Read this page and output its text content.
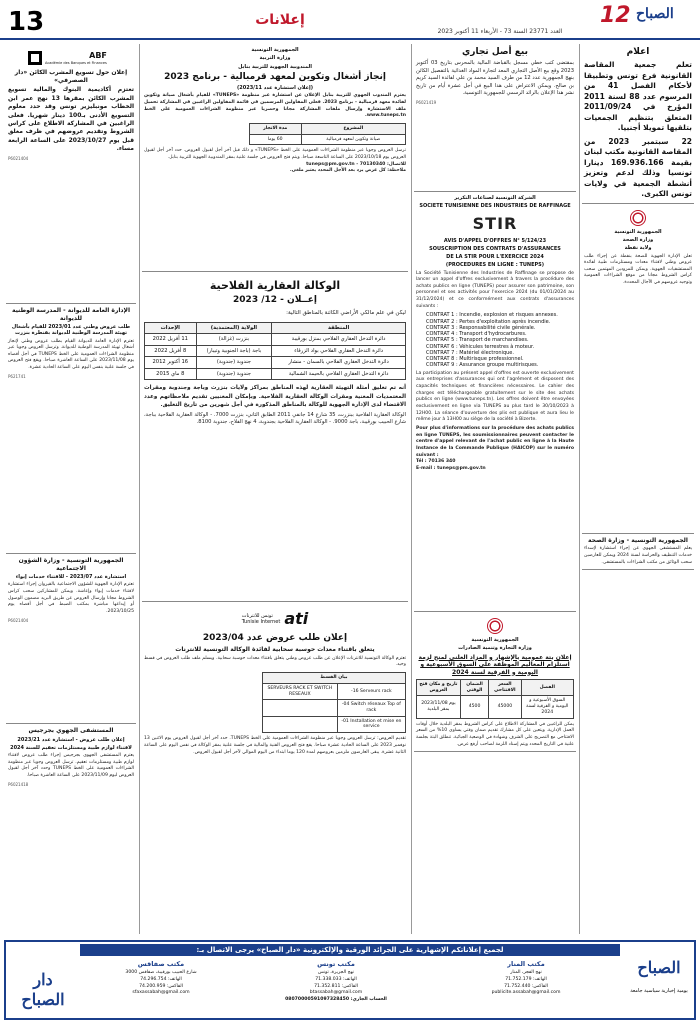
13	إعلانات
العدد 23771 السنة 73 - الأربعاء 11 أكتوبر 2023
12 الصباح
اعلام
تعلم جمعية المقاصة القانونية فرع تونس وتطبيقا لأحكام الفصل 41 من المرسوم عدد 88 لسنة 2011 المؤرخ في 2011/09/24 المتعلق بتنظيم الجمعيات بتلقيها تمويلا أجنبيا.
22 سبتمبر 2023 من المقاصة القانونية مكتب لبنان بقيمة 169.936.166 دينارا تونسيا وذلك لدعم وتعزيز أنشطة الجمعية في ولايات تونس الكبرى.
الجمهورية التونسية
وزارة الصحة
ولاية نفطة
تعلن الإدارة الجهوية للصحة بنفطة عن إجراء طلب عروض وطني لاقتناء معدات ومستلزمات طبية لفائدة المستشفيات الجهوية. ويمكن للمزودين المهتمين سحب كراس الشروط مجانا من موقع الشراءات العمومية وتوجيه عروضهم في الآجال المحددة.
الجمهورية التونسية - وزارة الصحة
يعلم المستشفى الجهوي عن إجراء استشارة لإسداء خدمات التنظيف والحراسة لسنة 2024 ويمكن للعارضين سحب الوثائق من مكتب الشراءات بالمستشفى.
بيع أصل تجاري
بمقتضى كتب خطي مسجل بالقباضة المالية بالمحرس بتاريخ 03 أكتوبر 2023 وقع بيع الأصل التجاري المعد لتجارة المواد الغذائية بالتفصيل الكائن بنهج الجمهورية عدد 12 من طرف السيد محمد بن علي لفائدة السيد كريم بن صالح. ويمكن الاعتراض على هذا البيع في أجل عشرة أيام من تاريخ نشر هذا الإعلان بالرائد الرسمي للجمهورية التونسية.
P6021419
الشركة التونسية لصناعات التكرير
SOCIETE TUNISIENNE DES INDUSTRIES DE RAFFINAGE
STIR
AVIS D'APPEL D'OFFRES N° 5/124/23
SOUSCRIPTION DES CONTRATS D'ASSURANCES
DE LA STIR POUR L'EXERCICE 2024
(PROCEDURES EN LIGNE : TUNEPS)
La Société Tunisienne des Industries de Raffinage se propose de lancer un appel d'offres exclusivement à travers la procédure des achats publics en ligne (TUNEPS) pour assurer son patrimoine, son personnel et ses activités pour l'exercice 2024 (du 01/01/2024 au 31/12/2024) et ce conformément aux contrats d'assurances suivants :
CONTRAT 1 : Incendie, explosion et risques annexes.
CONTRAT 2 : Pertes d'exploitation après incendie.
CONTRAT 3 : Responsabilité civile générale.
CONTRAT 4 : Transport d'hydrocarbures.
CONTRAT 5 : Transport de marchandises.
CONTRAT 6 : Véhicules terrestres à moteur.
CONTRAT 7 : Matériel électronique.
CONTRAT 8 : Multirisque professionnel.
CONTRAT 9 : Assurance groupe multirisques.
La participation au présent appel d'offres est ouverte exclusivement aux entreprises d'assurances qui ont l'agrément et disposent des capacités techniques et financières nécessaires. Le cahier des charges est téléchargeable gratuitement sur le site des achats publics en ligne (www.tuneps.tn). Les offres doivent être envoyées exclusivement en ligne via TUNEPS au plus tard le 30/10/2023 à 12H00. La séance d'ouverture des plis est publique et aura lieu le même jour à 13H00 au siège de la société à Bizerte.
Pour plus d'informations sur la procédure des achats publics en ligne TUNEPS, les soumissionnaires peuvent contacter le centre d'appel relevant de l'achat public en ligne à la Haute Instance de la Commande Publique (HAICOP) sur le numéro suivant :
Tél : 70136 340
E-mail : tuneps@pm.gov.tn
الجمهورية التونسية
وزارة التجارة وتنمية الصادرات
إعلان بتة عمومية بالإشهار و المزاد العلني لمنح لزمة استلزام المعاليم الموظفة على السوق الأسبوعية و اليومية و الفرقية لسنة 2024
الفصل	السعر الافتتاحي	الضمان الوقتي	تاريخ و مكان فتح العروض
السوق الأسبوعية و اليومية و الفرقية لسنة 2024	45000	4500	يوم 2023/11/08 بمقر البلدية
يمكن للراغبين في المشاركة الاطلاع على كراس الشروط بمقر البلدية خلال أوقات العمل الإدارية. ويتعين على كل مشارك تقديم ضمان وقتي يساوي 10% من السعر الافتتاحي مع التصريح على الشرف وشهادة في الوضعية الجبائية. تنطلق البتة بجلسة علنية في التاريخ المحدد ويتم إسناد اللزمة لصاحب أرفع عرض.
الجمهورية التونسية
وزارة التربية
المندوبية الجهوية للتربية بنابل
إنجاز أشغال وتكوين لمعهد قرمبالية - برنامج 2023
(إعلان استشارة عدد 2023/11)
يعتزم المندوب الجهوي للتربية بنابل الإعلان عن استشارة عبر منظومة «TUNEPS» للقيام بأشغال صيانة وتكوين لفائدة معهد قرمبالية - برنامج 2023. فعلى المقاولين المرسمين في قائمة المقاولين الراغبين في المشاركة تحميل ملف الاستشارة وإرسال ملفات المشاركة مجانا وحصريا عبر منظومة الشراءات العمومية على الخط www.tuneps.tn.
المشروع	مدة الانجاز
صيانة وتكوين لمعهد قرمبالية	60 يوما
ترسل العروض وجوبا عبر منظومة الشراءات العمومية على الخط «TUNEPS» و ذلك قبل آخر أجل لقبول العروض. حدد آخر أجل لقبول العروض يوم 2023/10/18 على الساعة التاسعة صباحا. ويتم فتح العروض في جلسة علنية بمقر المندوبية الجهوية للتربية بنابل.
للاتصال: 70130340 - tuneps@pm.gov.tn
ملاحظة: كل عرض يرد بعد الأجل المحدد يعتبر ملغى.
الوكالة العقارية الفلاحية
إعــلان - 12/ 2023
ليكن في علم مالكي الأراضي الكائنة بالمناطق التالية:
المنطقة	الولاية (المعتمدية)	الإحداث
دائرة التدخل العقاري الفلاحي بمنزل بورقيبة	بنزرت (غزالة)	11 أفريل 2022
دائرة التدخل العقاري الفلاحي بواد الزرقاء	باجة (باجة الجنوبية وتيبار)	8 أفريل 2022
دائرة التدخل العقاري الفلاحي بالسمان - منشار	جندوبة (جندوبة)	16 أكتوبر 2012
دائرة التدخل العقاري الفلاحي بالحيمة الشمالية	جندوبة (جندوبة)	8 ماي 2015
أنه تم تعليق أمثلة التهيئة العقارية لهذه المناطق بمراكز ولايات بنزرت وباجة وجندوبة ومقرات المعتمديات المعنية ومقرات الوكالة العقارية الفلاحية. وبإمكان المعنيين تقديم ملاحظاتهم وعدد الاقتضاء لدى الإدارة الجهوية للوكالة بالمناطق المذكورة في أجل شهرين من تاريخ التعليق.
الوكالة العقارية الفلاحية ببنزرت، 35 شارع 14 جانفي 2011 الطابق الثاني، بنزرت 7000. - الوكالة العقارية الفلاحية بباجة، شارع الحبيب بورقيبة، باجة 9000. - الوكالة العقارية الفلاحية بجندوبة، 4 نهج الفلاح، جندوبة 8100.
ati
تونس للانترنات
Tunisie Internet
إعلان طلب عروض عدد 2023/04
يتعلق باقتناء معدات حوسبة سحابية لفائدة الوكالة التونسية للانترنات
تعتزم الوكالة التونسية للانترنات الإعلان عن طلب عروض وطني يتعلق باقتناء معدات حوسبة سحابية. ويسلم ملف طلب العروض في قسط وحيد.
بيان القسط	
SERVEURS RACK ET SWITCH RESEAUX	-16 Serveurs rack
	-04 Switch réseaux Top of rack
	-01 Installation et mise en service
تقديم العروض: ترسل العروض وجوبا عبر منظومة الشراءات العمومية على الخط TUNEPS. حدد آخر أجل لقبول العروض يوم الاثنين 13 نوفمبر 2023 على الساعة الحادية عشرة صباحا. يقع فتح العروض الفنية والمالية في جلسة علنية بمقر الوكالة في نفس اليوم على الساعة الثانية عشرة. يبقى العارضون ملزمين بعروضهم لمدة 120 يوما ابتداء من اليوم الموالي لآخر أجل لقبول العروض.
ABF
Académie des Banques et Finances
إعلان حول تسويغ المشرب الكائن «دار الصصرفي»
تعتزم أكاديمية البنوك والمالية تسويغ المشرب الكائن بمقرها 13 نهج عمر ابن الخطاب مونبليزير تونس وقد حدد معلوم التسويغ الأدنى بـ100 دينار شهريا. فعلى الراغبين في المشاركة الاطلاع على كراس الشروط وتقديم عروضهم في ظرف مغلق قبل يوم 2023/10/27 على الساعة الرابعة مساء.
P6021404
الإدارة العامة للديوانة - المدرسة الوطنية للديوانة
طلب عروض وطني عدد 2023/01 للقيام بأشغال تهيئة المدرسة الوطنية للديوانة بقنطرة بنزرت
تعتزم الإدارة العامة للديوانة القيام بطلب عروض وطني لإنجاز أشغال تهيئة المدرسة الوطنية للديوانة. وترسل العروض وجوبا عبر منظومة الشراءات العمومية على الخط TUNEPS في أجل أقصاه يوم 2023/11/08 على الساعة العاشرة صباحا. ويقع فتح العروض في جلسة علنية بنفس اليوم على الساعة الحادية عشرة.
P621741
الجمهورية التونسية - وزارة الشؤون الاجتماعية
استشارة عدد 2023/07 - للاقتناء خدمات إيواء
تعتزم الإدارة الجهوية للشؤون الاجتماعية بالقيروان إجراء استشارة لاقتناء خدمات إيواء وإعاشة. ويمكن للمشاركين سحب كراس الشروط مجانا وإرسال العروض عن طريق البريد مضمون الوصول أو إيداعها مباشرة بمكتب الضبط في أجل أقصاه يوم 2023/10/25.
P6021404
المستشفى الجهوي بجرجيس
إعلان طلب عروض - استشارة عدد 2023/21
لاقتناء لوازم طبية ومستلزمات تعقيم للسنة 2024
يعتزم المستشفى الجهوي بجرجيس إجراء طلب عروض لاقتناء لوازم طبية ومستلزمات تعقيم. ترسل العروض وجوبا عبر منظومة الشراءات العمومية على الخط TUNEPS وحدد آخر أجل لقبول العروض ليوم 2023/11/09 على الساعة العاشرة صباحا.
P6021418
لجميع إعلاناتكم الإشهارية على الجرائد الورقية والإلكترونية «دار الصباح» يرجى الاتصال بـ:
دار الصباح
مكتب صفاقس
شارع الحبيب بورقيبة، صفاقس 3000
الهاتف: 74.296.754
الفاكس: 74.200.959
sfaxassabah@gmail.com
مكتب تونس
نهج الجزيرة، تونس
الهاتف: 71.338.033
الفاكس: 71.352.811
btassabah@gmail.com
الحساب الجاري: 08070000591097328450
مكتب المنار
نهج الفجر، المنار
الهاتف: 71.752.179
الفاكس: 71.752.440
publicite.assabah@gmail.com
الصباح
يومية إخبارية سياسية جامعة
